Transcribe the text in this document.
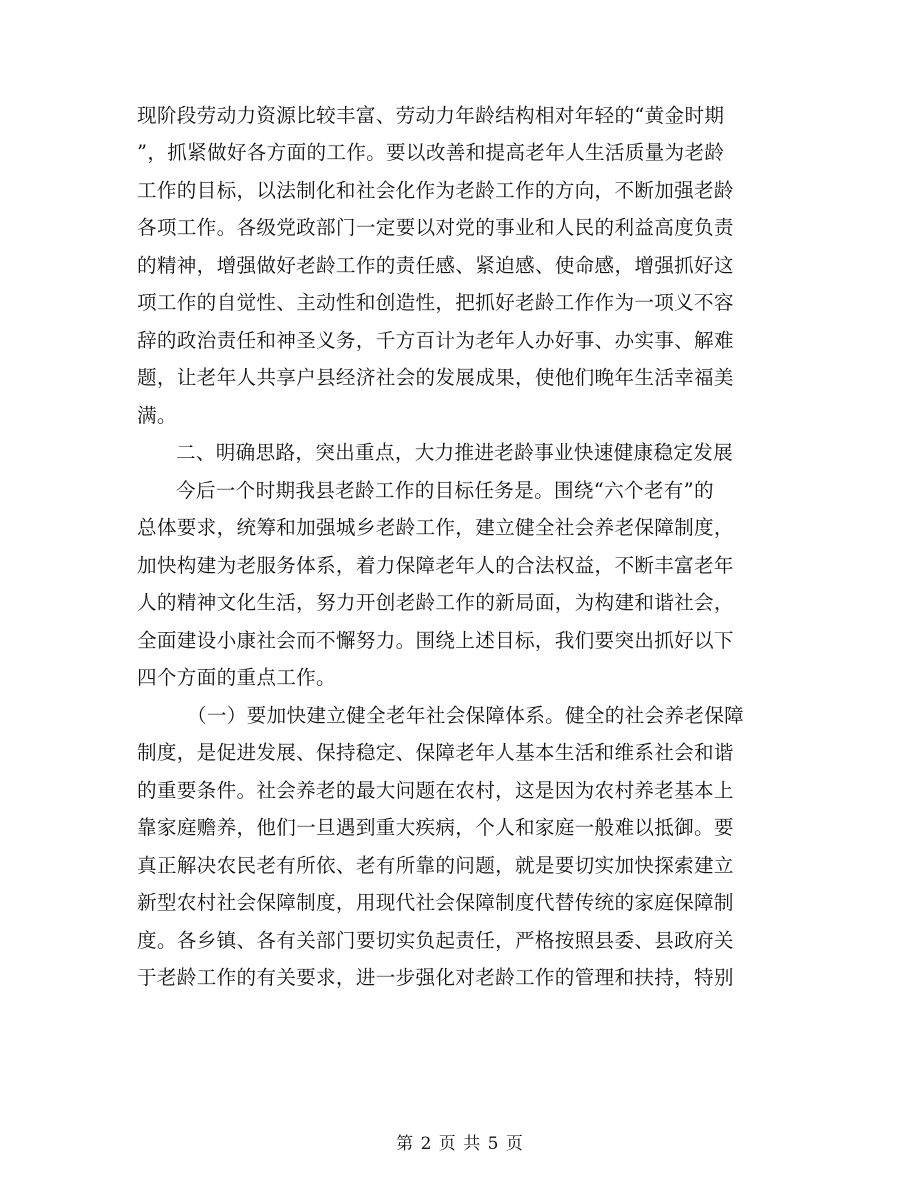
现阶段劳动力资源比较丰富、劳动力年龄结构相对年轻的“黄金时期
”，抓紧做好各方面的工作。要以改善和提高老年人生活质量为老龄
工作的目标，以法制化和社会化作为老龄工作的方向，不断加强老龄
各项工作。各级党政部门一定要以对党的事业和人民的利益高度负责
的精神，增强做好老龄工作的责任感、紧迫感、使命感，增强抓好这
项工作的自觉性、主动性和创造性，把抓好老龄工作作为一项义不容
辞的政治责任和神圣义务，千方百计为老年人办好事、办实事、解难
题，让老年人共享户县经济社会的发展成果，使他们晚年生活幸福美
满。
二、明确思路，突出重点，大力推进老龄事业快速健康稳定发展
今后一个时期我县老龄工作的目标任务是。围绕“六个老有”的
总体要求，统筹和加强城乡老龄工作，建立健全社会养老保障制度，
加快构建为老服务体系，着力保障老年人的合法权益，不断丰富老年
人的精神文化生活，努力开创老龄工作的新局面，为构建和谐社会，
全面建设小康社会而不懈努力。围绕上述目标，我们要突出抓好以下
四个方面的重点工作。
（一）要加快建立健全老年社会保障体系。健全的社会养老保障
制度，是促进发展、保持稳定、保障老年人基本生活和维系社会和谐
的重要条件。社会养老的最大问题在农村，这是因为农村养老基本上
靠家庭赡养，他们一旦遇到重大疾病，个人和家庭一般难以抵御。要
真正解决农民老有所依、老有所靠的问题，就是要切实加快探索建立
新型农村社会保障制度，用现代社会保障制度代替传统的家庭保障制
度。各乡镇、各有关部门要切实负起责任，严格按照县委、县政府关
于老龄工作的有关要求，进一步强化对老龄工作的管理和扶持，特别
第 2 页 共 5 页
